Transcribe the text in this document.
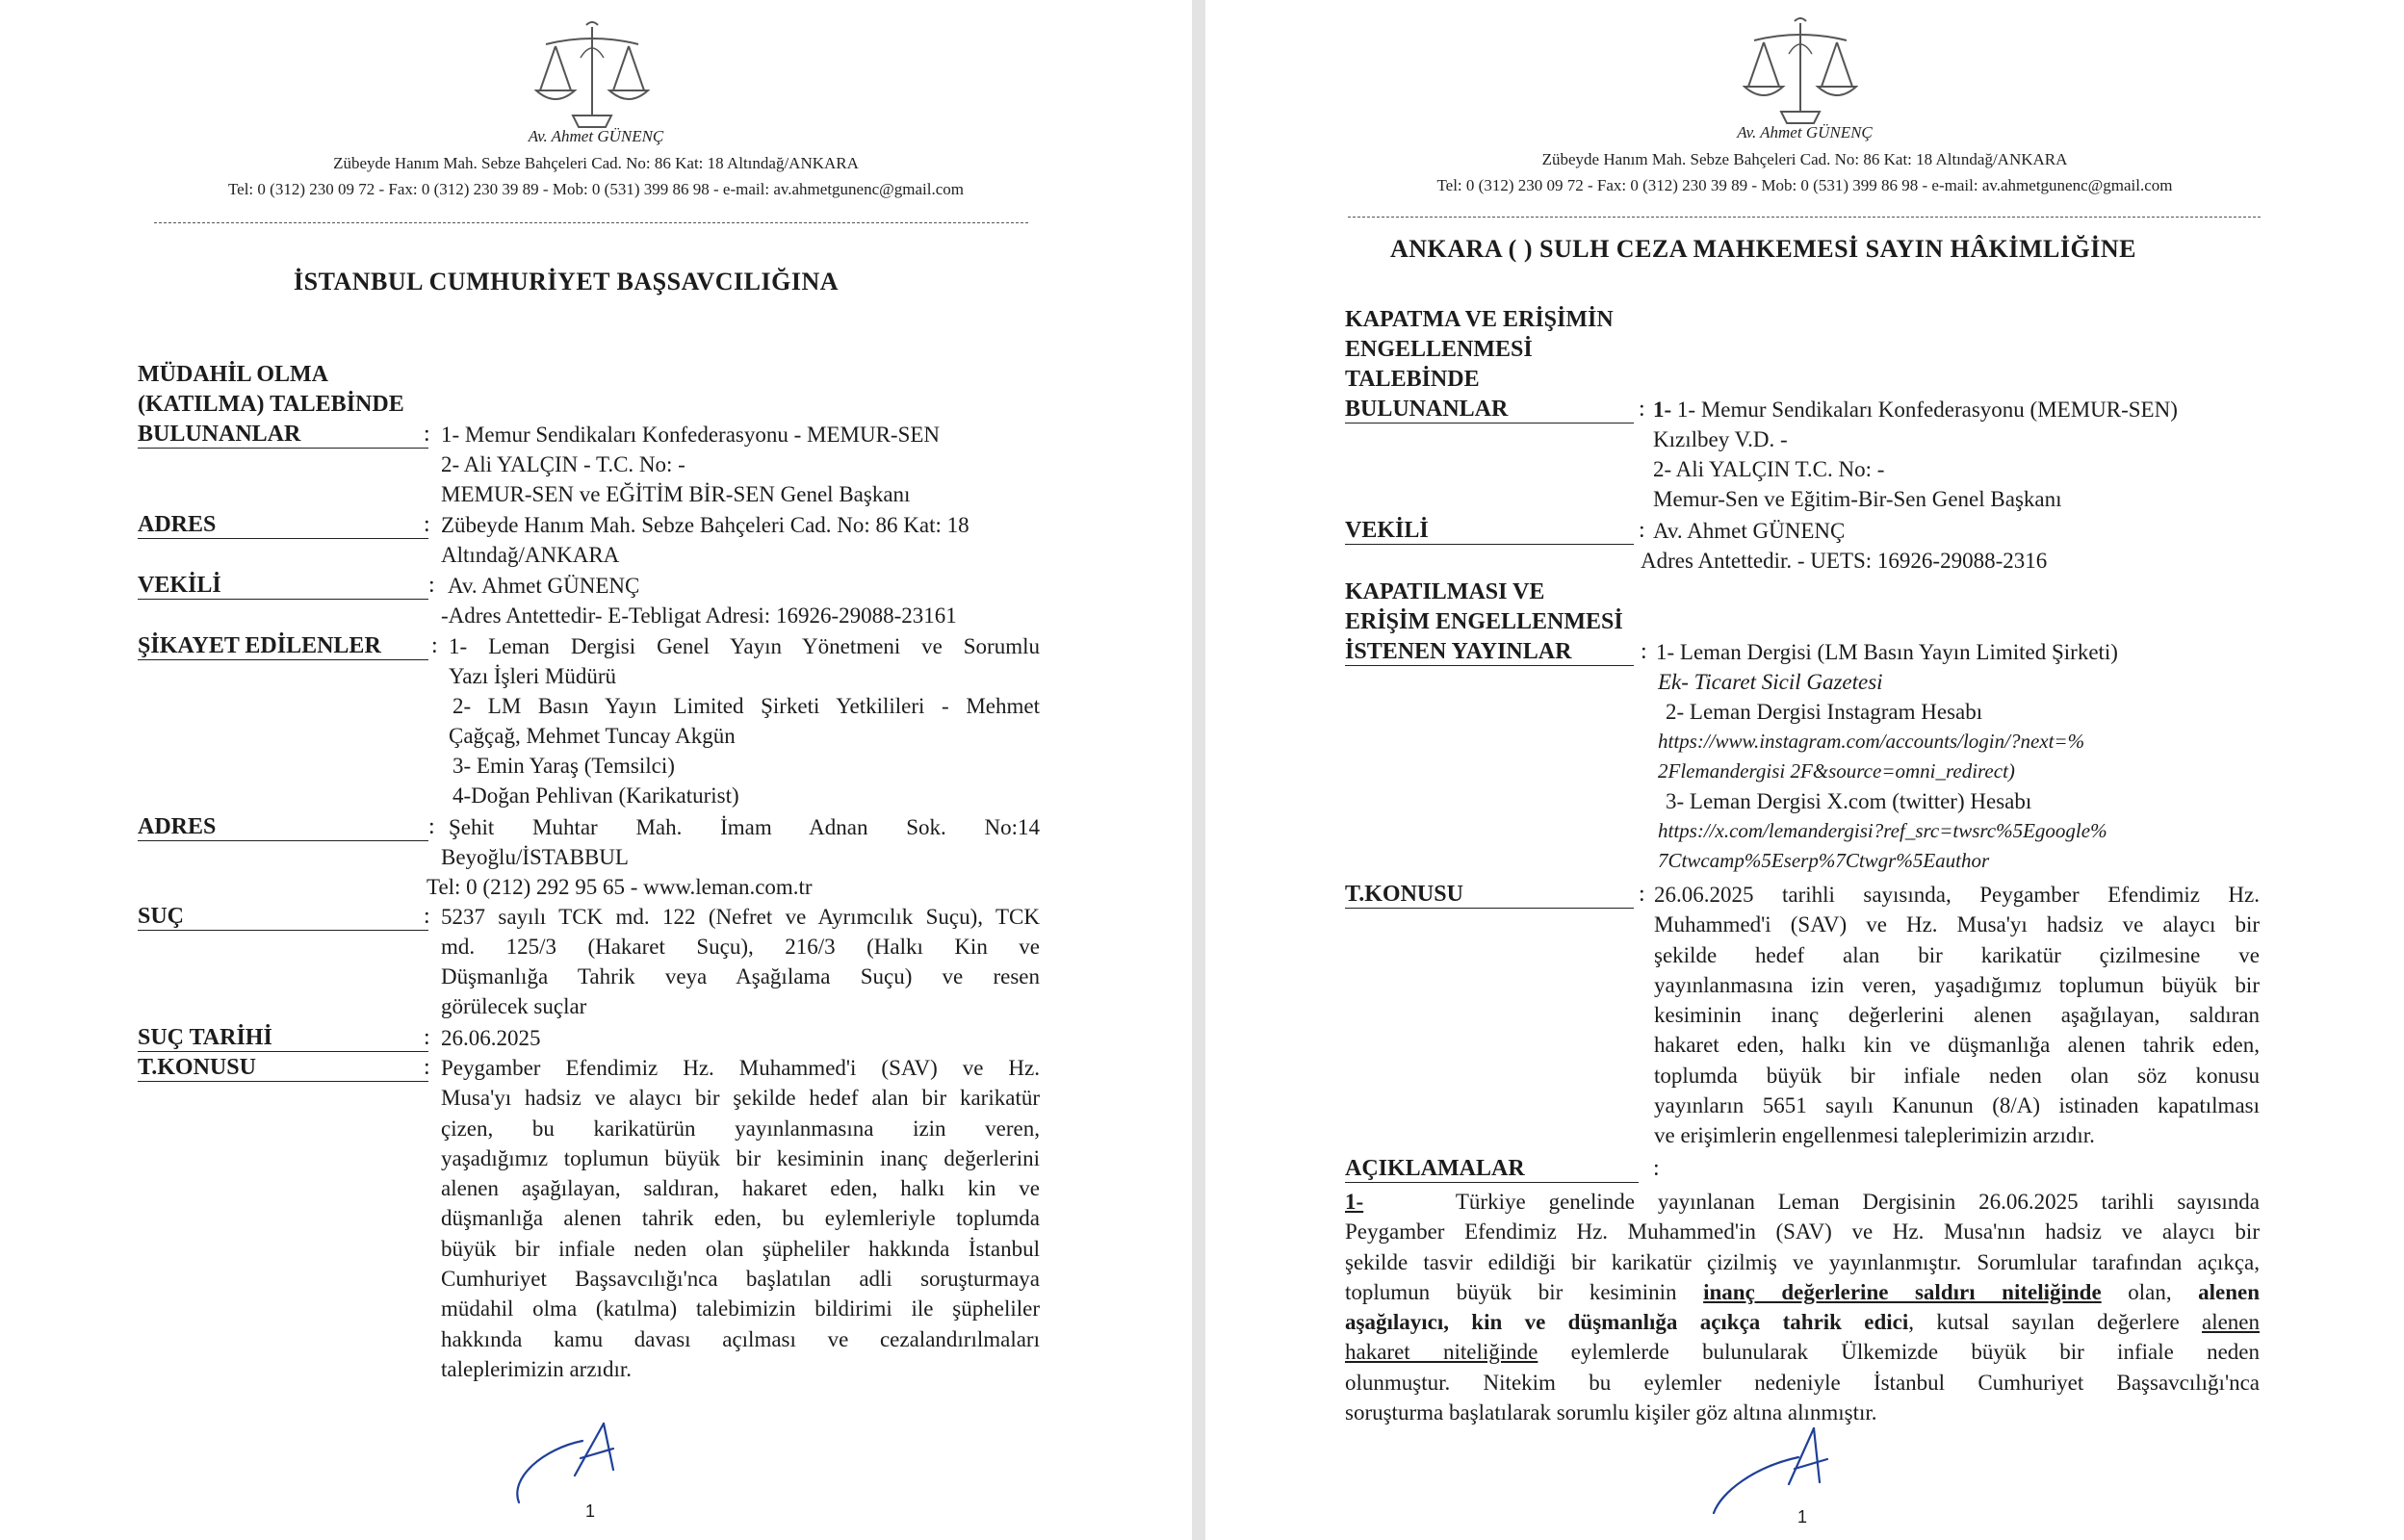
Av. Ahmet GÜNENÇ
Zübeyde Hanım Mah. Sebze Bahçeleri Cad. No: 86 Kat: 18 Altındağ/ANKARA
Tel: 0 (312) 230 09 72 - Fax: 0 (312) 230 39 89 - Mob: 0 (531) 399 86 98 - e-mail: av.ahmetgunenc@gmail.com
İSTANBUL CUMHURİYET BAŞSAVCILIĞINA
MÜDAHİL OLMA
(KATILMA) TALEBİNDE
BULUNANLAR	: 1- Memur Sendikaları Konfederasyonu - MEMUR-SEN
2- Ali YALÇIN - T.C. No: -
MEMUR-SEN ve EĞİTİM BİR-SEN Genel Başkanı
ADRES	: Zübeyde Hanım Mah. Sebze Bahçeleri Cad. No: 86 Kat: 18
Altındağ/ANKARA
VEKİLİ	: Av. Ahmet GÜNENÇ
-Adres Antettedir- E-Tebligat Adresi: 16926-29088-23161
ŞİKAYET EDİLENLER : 1- Leman Dergisi Genel Yayın Yönetmeni ve Sorumlu
Yazı İşleri Müdürü
2- LM Basın Yayın Limited Şirketi Yetkilileri - Mehmet
Çağçağ, Mehmet Tuncay Akgün
3- Emin Yaraş (Temsilci)
4-Doğan Pehlivan (Karikaturist)
ADRES	: Şehit Muhtar Mah. İmam Adnan Sok. No:14
Beyoğlu/İSTABBUL
Tel: 0 (212) 292 95 65 - www.leman.com.tr
SUÇ	: 5237 sayılı TCK md. 122 (Nefret ve Ayrımcılık Suçu), TCK
md. 125/3 (Hakaret Suçu), 216/3 (Halkı Kin ve
Düşmanlığa Tahrik veya Aşağılama Suçu) ve resen
görülecek suçlar
SUÇ TARİHİ	: 26.06.2025
T.KONUSU	: Peygamber Efendimiz Hz. Muhammed'i (SAV) ve Hz.
Musa'yı hadsiz ve alaycı bir şekilde hedef alan bir karikatür
çizen, bu karikatürün yayınlanmasına izin veren,
yaşadığımız toplumun büyük bir kesiminin inanç değerlerini
alenen aşağılayan, saldıran, hakaret eden, halkı kin ve
düşmanlığa alenen tahrik eden, bu eylemleriyle toplumda
büyük bir infiale neden olan şüpheliler hakkında İstanbul
Cumhuriyet Başsavcılığı'nca başlatılan adli soruşturmaya
müdahil olma (katılma) talebimizin bildirimi ile şüpheliler
hakkında kamu davası açılması ve cezalandırılmaları
taleplerimizin arzıdır.
1
Av. Ahmet GÜNENÇ
Zübeyde Hanım Mah. Sebze Bahçeleri Cad. No: 86 Kat: 18 Altındağ/ANKARA
Tel: 0 (312) 230 09 72 - Fax: 0 (312) 230 39 89 - Mob: 0 (531) 399 86 98 - e-mail: av.ahmetgunenc@gmail.com
ANKARA ( ) SULH CEZA MAHKEMESİ SAYIN HÂKİMLİĞİNE
KAPATMA VE ERİŞİMİN
ENGELLENMESİ
TALEBİNDE
BULUNANLAR	: 1- 1- Memur Sendikaları Konfederasyonu (MEMUR-SEN)
Kızılbey V.D. -
2- Ali YALÇIN T.C. No: -
Memur-Sen ve Eğitim-Bir-Sen Genel Başkanı
VEKİLİ	: Av. Ahmet GÜNENÇ
Adres Antettedir. - UETS: 16926-29088-2316
KAPATILMASI VE
ERİŞİM ENGELLENMESİ
İSTENEN YAYINLAR	: 1- Leman Dergisi (LM Basın Yayın Limited Şirketi)
Ek- Ticaret Sicil Gazetesi
2- Leman Dergisi Instagram Hesabı
https://www.instagram.com/accounts/login/?next=%
2Flemandergisi 2F&source=omni_redirect)
3- Leman Dergisi X.com (twitter) Hesabı
https://x.com/lemandergisi?ref_src=twsrc%5Egoogle%
7Ctwcamp%5Eserp%7Ctwgr%5Eauthor
T.KONUSU	: 26.06.2025 tarihli sayısında, Peygamber Efendimiz Hz.
Muhammed'i (SAV) ve Hz. Musa'yı hadsiz ve alaycı bir
şekilde hedef alan bir karikatür çizilmesine ve
yayınlanmasına izin veren, yaşadığımız toplumun büyük bir
kesiminin inanç değerlerini alenen aşağılayan, saldıran
hakaret eden, halkı kin ve düşmanlığa alenen tahrik eden,
toplumda büyük bir infiale neden olan söz konusu
yayınların 5651 sayılı Kanunun (8/A) istinaden kapatılması
ve erişimlerin engellenmesi taleplerimizin arzıdır.
AÇIKLAMALAR	:
1-	Türkiye genelinde yayınlanan Leman Dergisinin 26.06.2025 tarihli sayısında
Peygamber Efendimiz Hz. Muhammed'in (SAV) ve Hz. Musa'nın hadsiz ve alaycı bir
şekilde tasvir edildiği bir karikatür çizilmiş ve yayınlanmıştır. Sorumlular tarafından açıkça,
toplumun büyük bir kesiminin inanç değerlerine saldırı niteliğinde olan, alenen
aşağılayıcı, kin ve düşmanlığa açıkça tahrik edici, kutsal sayılan değerlere alenen
hakaret niteliğinde eylemlerde bulunularak Ülkemizde büyük bir infiale neden
olunmuştur. Nitekim bu eylemler nedeniyle İstanbul Cumhuriyet Başsavcılığı'nca
soruşturma başlatılarak sorumlu kişiler göz altına alınmıştır.
1
